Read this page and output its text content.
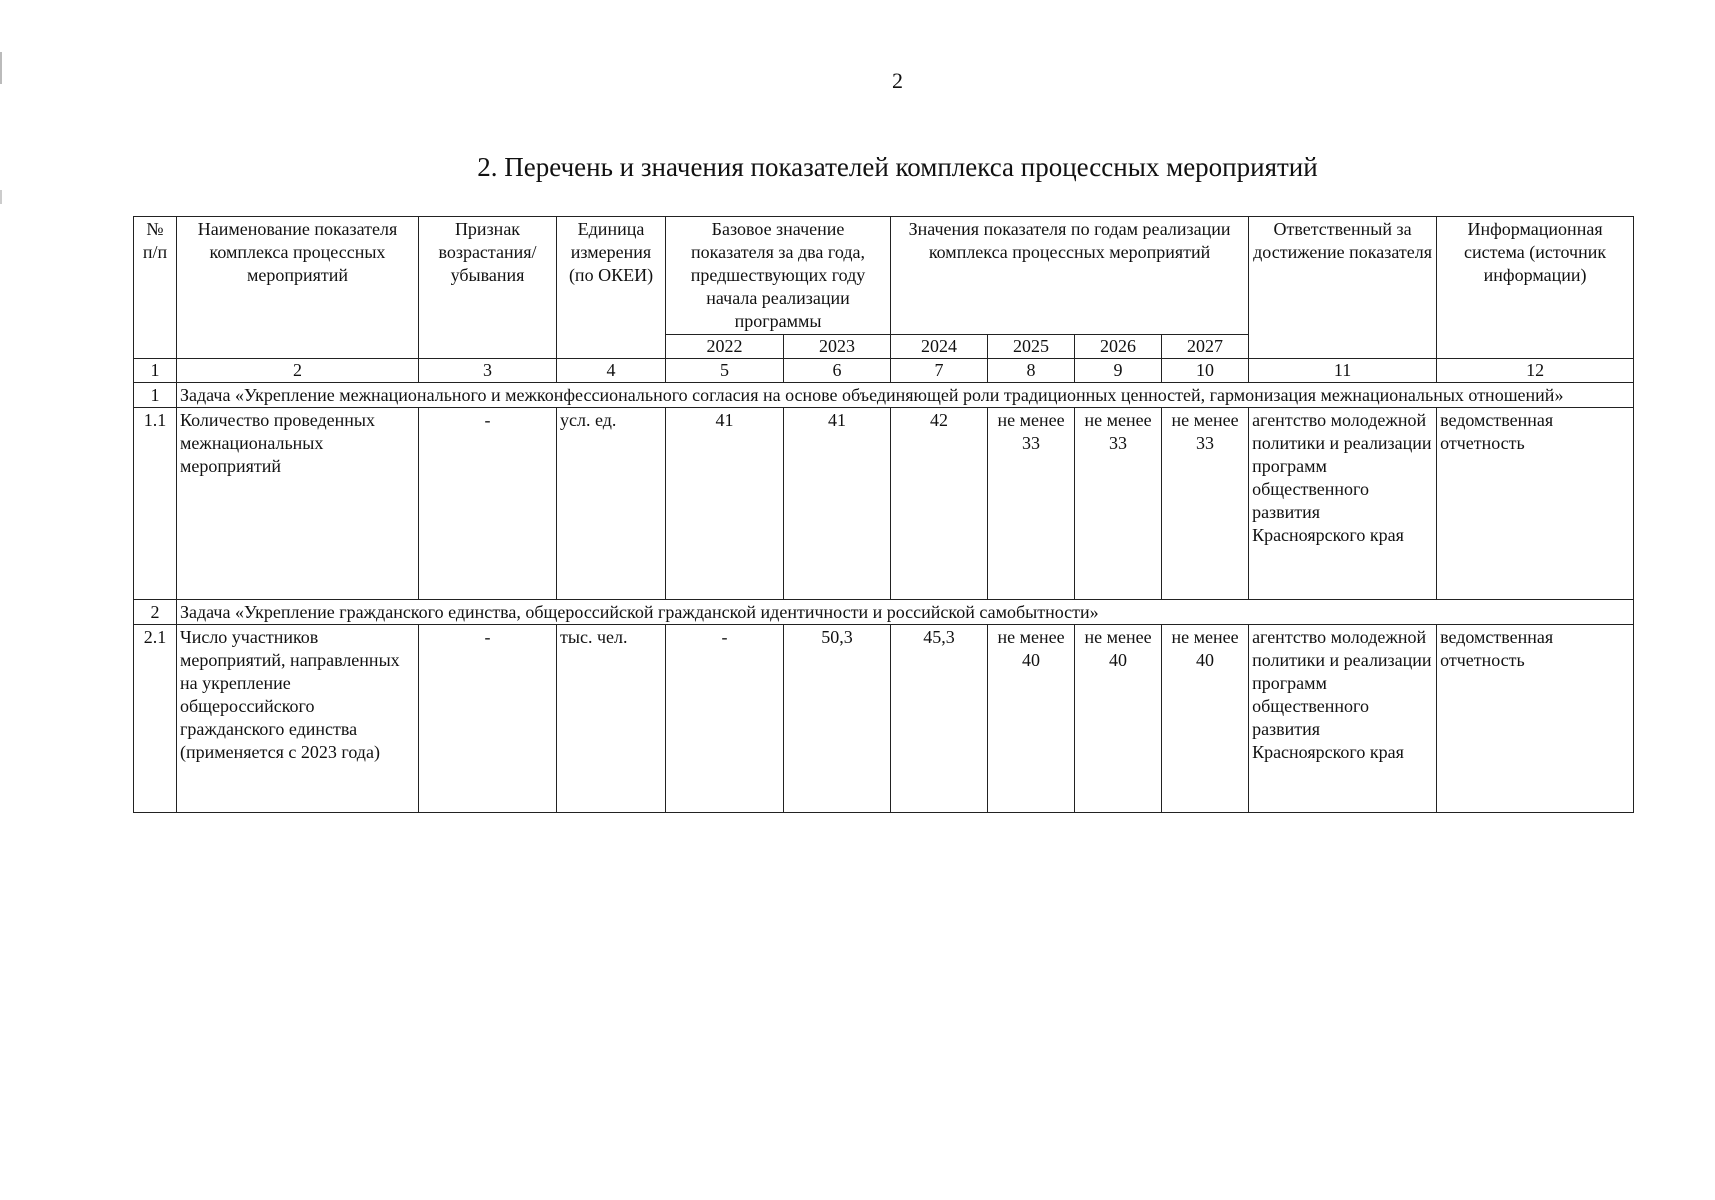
2
2. Перечень и значения показателей комплекса процессных мероприятий
№ п/п	Наименование показателя комплекса процессных мероприятий	Признак возрастания/ убывания	Единица измерения (по ОКЕИ)	Базовое значение показателя за два года, предшествующих году начала реализации программы		Значения показателя по годам реализации комплекса процессных мероприятий				Ответственный за достижение показателя	Информационная система (источник информации)
				2022	2023	2024	2025	2026	2027		
1	2	3	4	5	6	7	8	9	10	11	12
1	Задача «Укрепление межнационального и межконфессионального согласия на основе объединяющей роли традиционных ценностей, гармонизация межнациональных отношений»										
1.1	Количество проведенных межнациональных мероприятий	-	усл. ед.	41	41	42	не менее 33	не менее 33	не менее 33	агентство молодежной политики и реализации программ общественного развития Красноярского края	ведомственная отчетность
2	Задача «Укрепление гражданского единства, общероссийской гражданской идентичности и российской самобытности»										
2.1	Число участников мероприятий, направленных на укрепление общероссийского гражданского единства (применяется с 2023 года)	-	тыс. чел.	-	50,3	45,3	не менее 40	не менее 40	не менее 40	агентство молодежной политики и реализации программ общественного развития Красноярского края	ведомственная отчетность
